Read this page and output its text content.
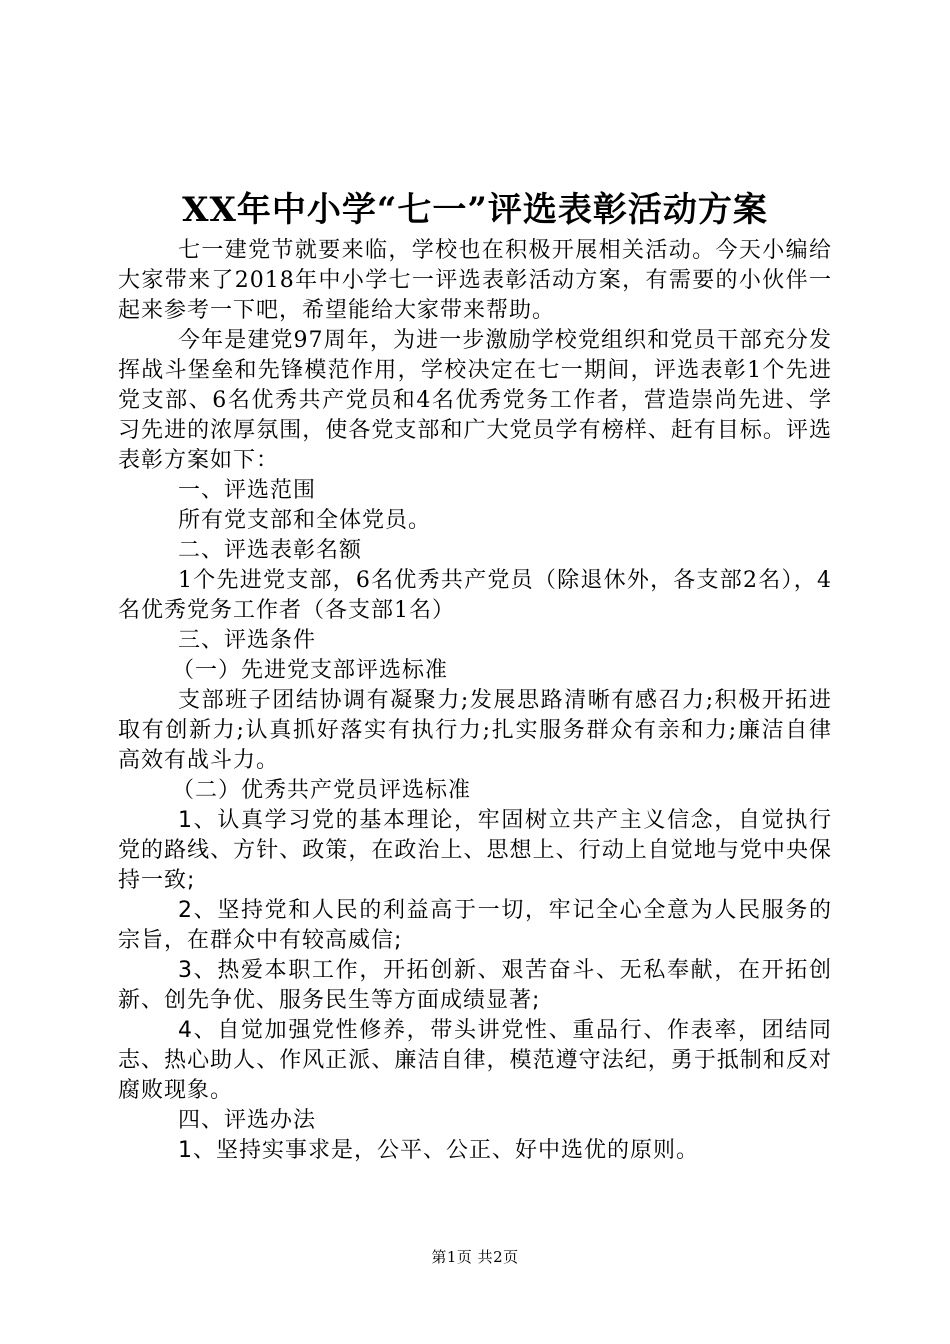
XX年中小学“七一”评选表彰活动方案

七一建党节就要来临，学校也在积极开展相关活动。今天小编给大家带来了2018年中小学七一评选表彰活动方案，有需要的小伙伴一起来参考一下吧，希望能给大家带来帮助。

今年是建党97周年，为进一步激励学校党组织和党员干部充分发挥战斗堡垒和先锋模范作用，学校决定在七一期间，评选表彰1个先进党支部、6名优秀共产党员和4名优秀党务工作者，营造崇尚先进、学习先进的浓厚氛围，使各党支部和广大党员学有榜样、赶有目标。评选表彰方案如下：

一、评选范围

所有党支部和全体党员。

二、评选表彰名额

1个先进党支部，6名优秀共产党员（除退休外，各支部2名），4名优秀党务工作者（各支部1名）

三、评选条件

（一）先进党支部评选标准

支部班子团结协调有凝聚力;发展思路清晰有感召力;积极开拓进取有创新力;认真抓好落实有执行力;扎实服务群众有亲和力;廉洁自律高效有战斗力。

（二）优秀共产党员评选标准

1、认真学习党的基本理论，牢固树立共产主义信念，自觉执行党的路线、方针、政策，在政治上、思想上、行动上自觉地与党中央保持一致;

2、坚持党和人民的利益高于一切，牢记全心全意为人民服务的宗旨，在群众中有较高威信;

3、热爱本职工作，开拓创新、艰苦奋斗、无私奉献，在开拓创新、创先争优、服务民生等方面成绩显著;

4、自觉加强党性修养，带头讲党性、重品行、作表率，团结同志、热心助人、作风正派、廉洁自律，模范遵守法纪，勇于抵制和反对腐败现象。

四、评选办法

1、坚持实事求是，公平、公正、好中选优的原则。

第1页 共2页
